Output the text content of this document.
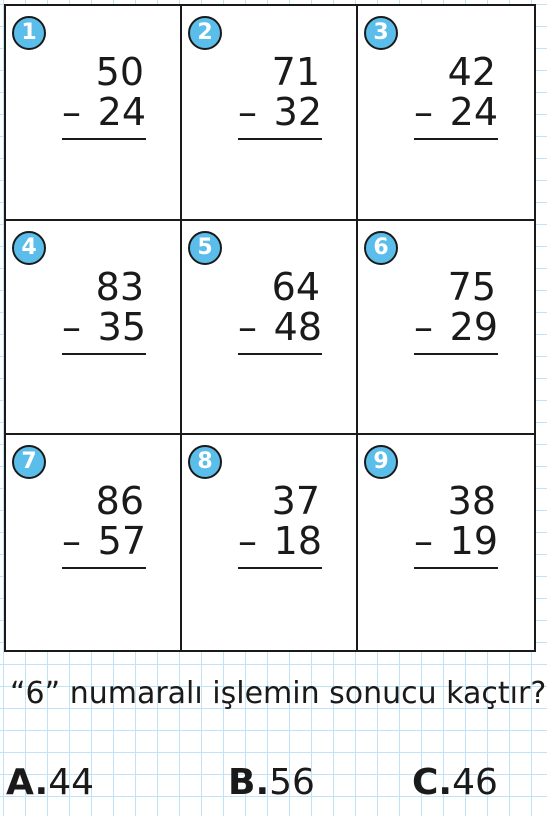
1
50
– 24
2
71
– 32
3
42
– 24
4
83
– 35
5
64
– 48
6
75
– 29
7
86
– 57
8
37
– 18
9
38
– 19
“6” numaralı işlemin sonucu kaçtır?
A.44	B.56	C.46
